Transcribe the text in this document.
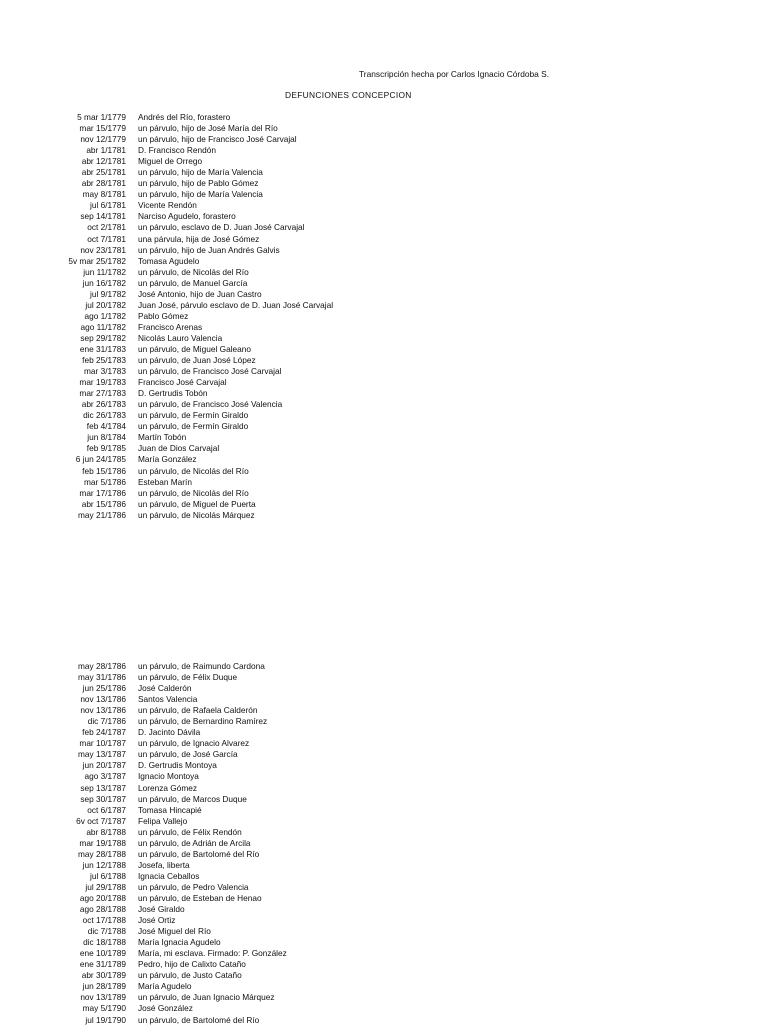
Transcripción hecha por Carlos Ignacio Córdoba S.
DEFUNCIONES CONCEPCION
5 mar 1/1779 Andrés del Río, forastero
mar 15/1779 un párvulo, hijo de José María del Río
nov 12/1779 un párvulo, hijo de Francisco José Carvajal
abr 1/1781 D. Francisco Rendón
abr 12/1781 Miguel de Orrego
abr 25/1781 un párvulo, hijo de María Valencia
abr 28/1781 un párvulo, hijo de Pablo Gómez
may 8/1781 un párvulo, hijo de María Valencia
jul 6/1781 Vicente Rendón
sep 14/1781 Narciso Agudelo, forastero
oct 2/1781 un párvulo, esclavo de D. Juan José Carvajal
oct 7/1781 una párvula, hija de José Gómez
nov 23/1781 un párvulo, hijo de Juan Andrés Galvis
5v mar 25/1782 Tomasa Agudelo
jun 11/1782 un párvulo, de Nicolás del Río
jun 16/1782 un párvulo, de Manuel García
jul 9/1782 José Antonio, hijo de Juan Castro
jul 20/1782 Juan José, párvulo esclavo de D. Juan José Carvajal
ago 1/1782 Pablo Gómez
ago 11/1782 Francisco Arenas
sep 29/1782 Nicolás Lauro Valencia
ene 31/1783 un párvulo, de Miguel Galeano
feb 25/1783 un párvulo, de Juan José López
mar 3/1783 un párvulo, de Francisco José Carvajal
mar 19/1783 Francisco José Carvajal
mar 27/1783 D. Gertrudis Tobón
abr 26/1783 un párvulo, de Francisco José Valencia
dic 26/1783 un párvulo, de Fermín Giraldo
feb 4/1784 un párvulo, de Fermín Giraldo
jun 8/1784 Martín Tobón
feb 9/1785 Juan de Dios Carvajal
6 jun 24/1785 María González
feb 15/1786 un párvulo, de Nicolás del Río
mar 5/1786 Esteban Marín
mar 17/1786 un párvulo, de Nicolás del Río
abr 15/1786 un párvulo, de Miguel de Puerta
may 21/1786 un párvulo, de Nicolás Márquez
may 28/1786 un párvulo, de Raimundo Cardona
may 31/1786 un párvulo, de Félix Duque
jun 25/1786 José Calderón
nov 13/1786 Santos Valencia
nov 13/1786 un párvulo, de Rafaela Calderón
dic 7/1786 un párvulo, de Bernardino Ramírez
feb 24/1787 D. Jacinto Dávila
mar 10/1787 un párvulo, de Ignacio Alvarez
may 13/1787 un párvulo, de José García
jun 20/1787 D. Gertrudis Montoya
ago 3/1787 Ignacio Montoya
sep 13/1787 Lorenza Gómez
sep 30/1787 un párvulo, de Marcos Duque
oct 6/1787 Tomasa Hincapié
6v oct 7/1787 Felipa Vallejo
abr 8/1788 un párvulo, de Félix Rendón
mar 19/1788 un párvulo, de Adrián de Arcila
may 28/1788 un párvulo, de Bartolomé del Río
jun 12/1788 Josefa, liberta
jul 6/1788 Ignacia Ceballos
jul 29/1788 un párvulo, de Pedro Valencia
ago 20/1788 un párvulo, de Esteban de Henao
ago 28/1788 José Giraldo
oct 17/1788 José Ortiz
dic 7/1788 José Miguel del Río
dic 18/1788 María Ignacia Agudelo
ene 10/1789 María, mi esclava. Firmado: P. González
ene 31/1789 Pedro, hijo de Calixto Cataño
abr 30/1789 un párvulo, de Justo Cataño
jun 28/1789 María Agudelo
nov 13/1789 un párvulo, de Juan Ignacio Márquez
may 5/1790 José González
jul 19/1790 un párvulo, de Bartolomé del Río
